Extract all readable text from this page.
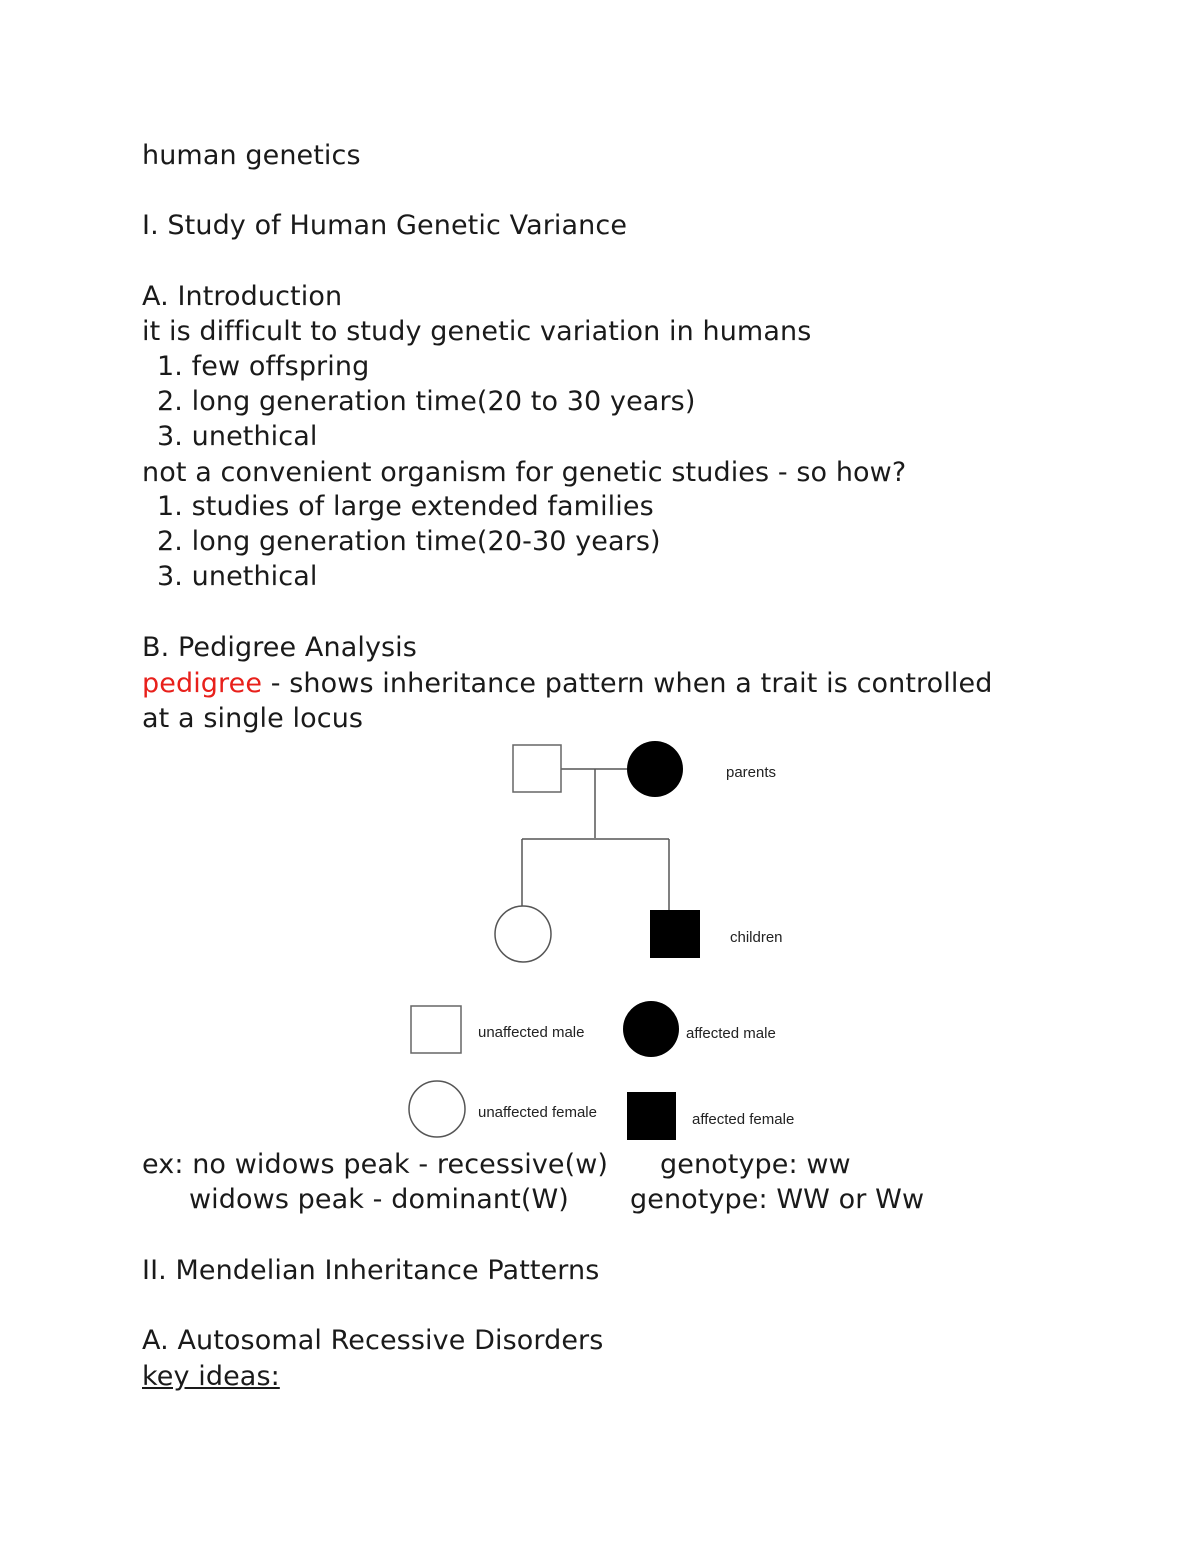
human genetics
I. Study of Human Genetic Variance
A. Introduction
it is difficult to study genetic variation in humans
1. few offspring
2. long generation time(20 to 30 years)
3. unethical
not a convenient organism for genetic studies - so how?
1. studies of large extended families
2. long generation time(20-30 years)
3. unethical
B. Pedigree Analysis
pedigree - shows inheritance pattern when a trait is controlled
at a single locus
parents
children
unaffected male	affected male
unaffected female	affected female
ex: no widows peak - recessive(w) genotype: ww
widows peak - dominant(W) genotype: WW or Ww
II. Mendelian Inheritance Patterns
A. Autosomal Recessive Disorders
key ideas:
